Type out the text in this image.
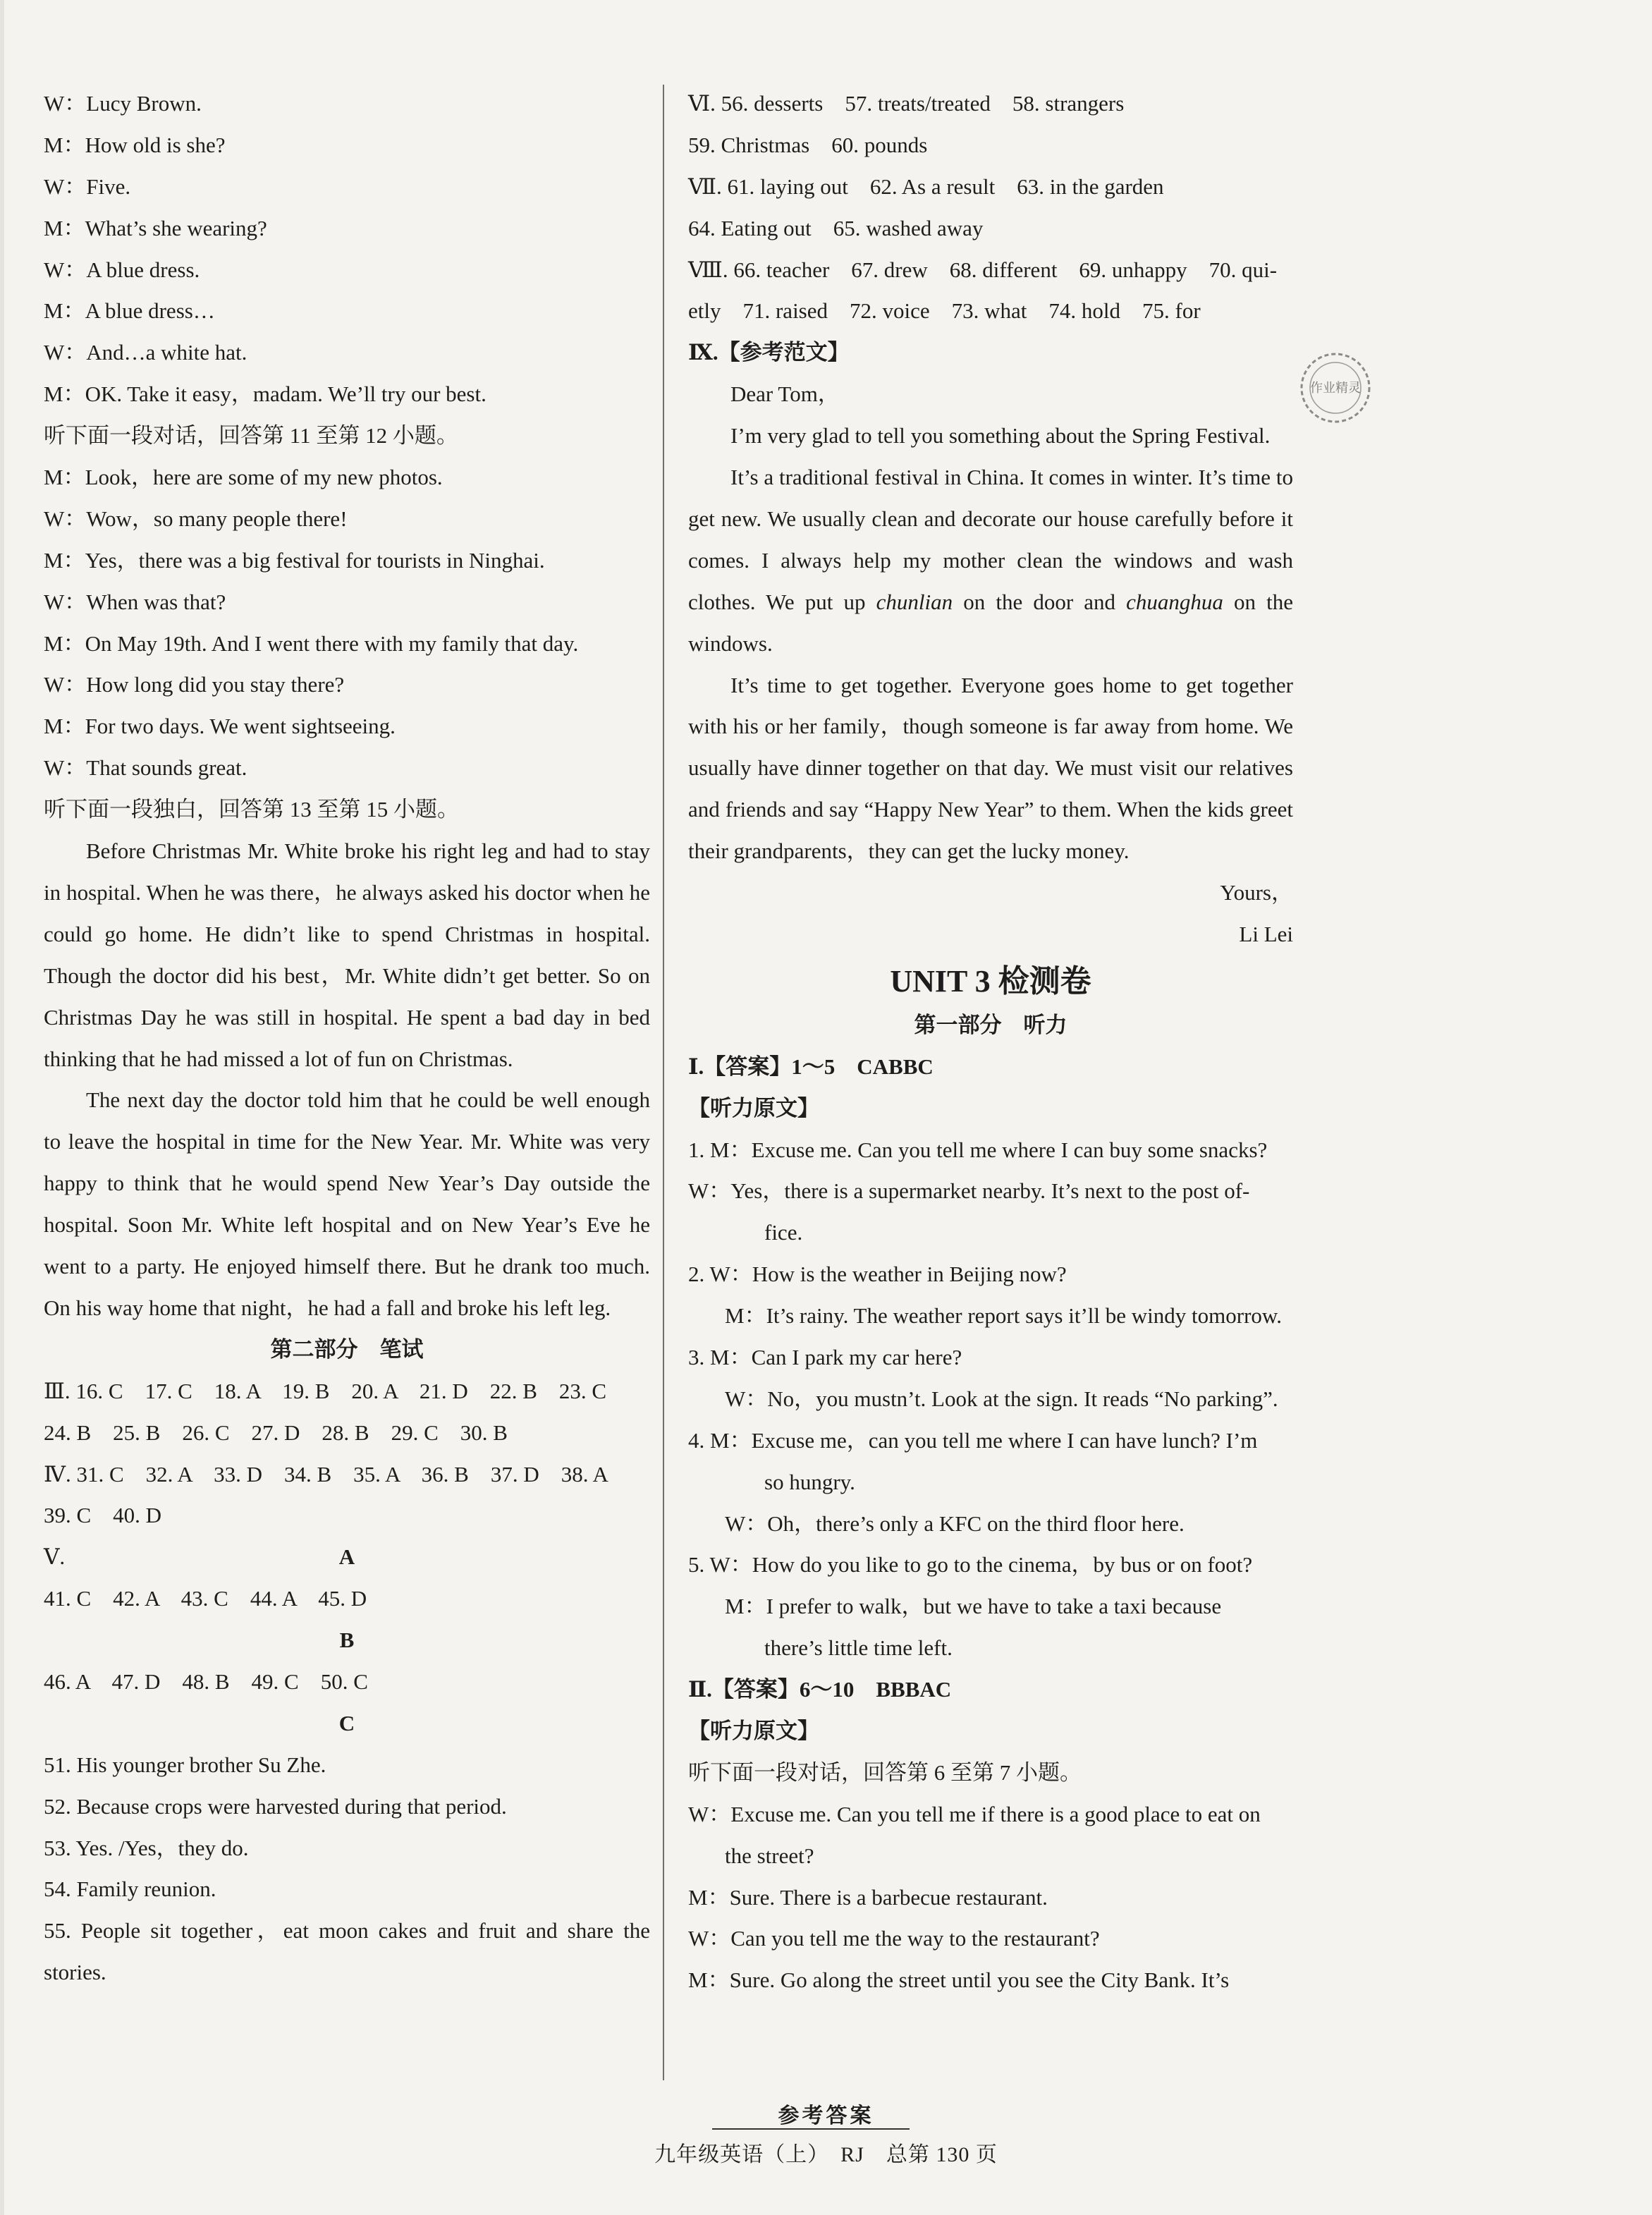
W：Lucy Brown.
M：How old is she?
W：Five.
M：What’s she wearing?
W：A blue dress.
M：A blue dress…
W：And…a white hat.
M：OK. Take it easy，madam. We’ll try our best.
听下面一段对话，回答第 11 至第 12 小题。
M：Look，here are some of my new photos.
W：Wow，so many people there!
M：Yes，there was a big festival for tourists in Ninghai.
W：When was that?
M：On May 19th. And I went there with my family that day.
W：How long did you stay there?
M：For two days. We went sightseeing.
W：That sounds great.
听下面一段独白，回答第 13 至第 15 小题。

Before Christmas Mr. White broke his right leg and had to stay in hospital. When he was there，he always asked his doctor when he could go home. He didn’t like to spend Christmas in hospital. Though the doctor did his best，Mr. White didn’t get better. So on Christmas Day he was still in hospital. He spent a bad day in bed thinking that he had missed a lot of fun on Christmas.

The next day the doctor told him that he could be well enough to leave the hospital in time for the New Year. Mr. White was very happy to think that he would spend New Year’s Day outside the hospital. Soon Mr. White left hospital and on New Year’s Eve he went to a party. He enjoyed himself there. But he drank too much. On his way home that night，he had a fall and broke his left leg.

第二部分　笔试
Ⅲ. 16. C　17. C　18. A　19. B　20. A　21. D　22. B　23. C
24. B　25. B　26. C　27. D　28. B　29. C　30. B
Ⅳ. 31. C　32. A　33. D　34. B　35. A　36. B　37. D　38. A
39. C　40. D
Ⅴ.	A
41. C　42. A　43. C　44. A　45. D
B
46. A　47. D　48. B　49. C　50. C
C
51. His younger brother Su Zhe.
52. Because crops were harvested during that period.
53. Yes. /Yes，they do.
54. Family reunion.

55. People sit together，eat moon cakes and fruit and share the stories.

Ⅵ. 56. desserts　57. treats/treated　58. strangers
59. Christmas　60. pounds
Ⅶ. 61. laying out　62. As a result　63. in the garden
64. Eating out　65. washed away
Ⅷ. 66. teacher　67. drew　68. different　69. unhappy　70. qui-
etly　71. raised　72. voice　73. what　74. hold　75. for
Ⅸ.【参考范文】
Dear Tom，

I’m very glad to tell you something about the Spring Festival.

It’s a traditional festival in China. It comes in winter. It’s time to get new. We usually clean and decorate our house carefully before it comes. I always help my mother clean the windows and wash clothes. We put up chunlian on the door and chuanghua on the windows.

It’s time to get together. Everyone goes home to get together with his or her family，though someone is far away from home. We usually have dinner together on that day. We must visit our relatives and friends and say “Happy New Year” to them. When the kids greet their grandparents，they can get the lucky money.

Yours，
Li Lei
UNIT 3 检测卷
第一部分　听力
Ⅰ.【答案】1～5　CABBC
【听力原文】
1. M：Excuse me. Can you tell me where I can buy some snacks?
W：Yes，there is a supermarket nearby. It’s next to the post of-
fice.
2. W：How is the weather in Beijing now?
M：It’s rainy. The weather report says it’ll be windy tomorrow.
3. M：Can I park my car here?
W：No，you mustn’t. Look at the sign. It reads “No parking”.
4. M：Excuse me，can you tell me where I can have lunch? I’m
so hungry.
W：Oh，there’s only a KFC on the third floor here.
5. W：How do you like to go to the cinema，by bus or on foot?
M：I prefer to walk，but we have to take a taxi because
there’s little time left.
Ⅱ.【答案】6～10　BBBAC
【听力原文】
听下面一段对话，回答第 6 至第 7 小题。
W：Excuse me. Can you tell me if there is a good place to eat on
the street?
M：Sure. There is a barbecue restaurant.
W：Can you tell me the way to the restaurant?
M：Sure. Go along the street until you see the City Bank. It’s
作业精灵
参考答案
九年级英语（上）　RJ　总第 130 页
